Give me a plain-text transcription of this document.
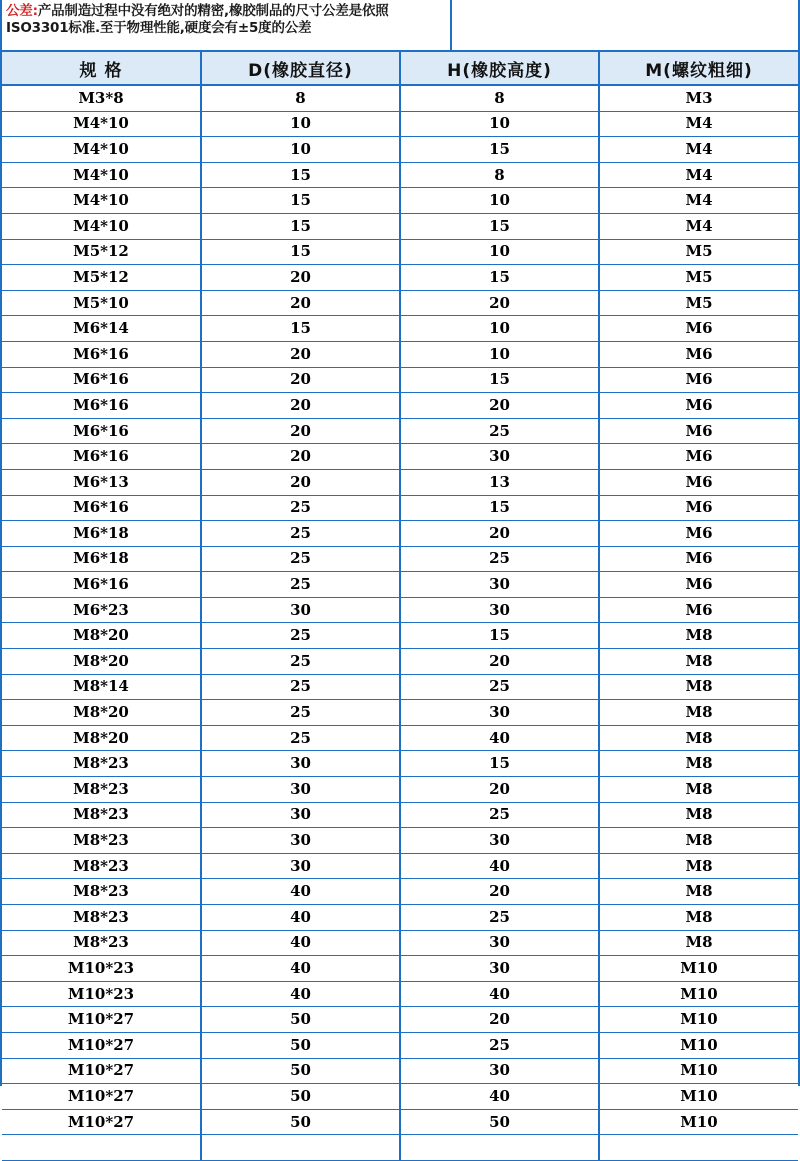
公差:产品制造过程中没有绝对的精密,橡胶制品的尺寸公差是依照ISO3301标准.至于物理性能,硬度会有±5度的公差
规 格	D(橡胶直径)	H(橡胶高度)	M(螺纹粗细)
M3*8	8	8	M3
M4*10	10	10	M4
M4*10	10	15	M4
M4*10	15	8	M4
M4*10	15	10	M4
M4*10	15	15	M4
M5*12	15	10	M5
M5*12	20	15	M5
M5*10	20	20	M5
M6*14	15	10	M6
M6*16	20	10	M6
M6*16	20	15	M6
M6*16	20	20	M6
M6*16	20	25	M6
M6*16	20	30	M6
M6*13	20	13	M6
M6*16	25	15	M6
M6*18	25	20	M6
M6*18	25	25	M6
M6*16	25	30	M6
M6*23	30	30	M6
M8*20	25	15	M8
M8*20	25	20	M8
M8*14	25	25	M8
M8*20	25	30	M8
M8*20	25	40	M8
M8*23	30	15	M8
M8*23	30	20	M8
M8*23	30	25	M8
M8*23	30	30	M8
M8*23	30	40	M8
M8*23	40	20	M8
M8*23	40	25	M8
M8*23	40	30	M8
M10*23	40	30	M10
M10*23	40	40	M10
M10*27	50	20	M10
M10*27	50	25	M10
M10*27	50	30	M10
M10*27	50	40	M10
M10*27	50	50	M10
